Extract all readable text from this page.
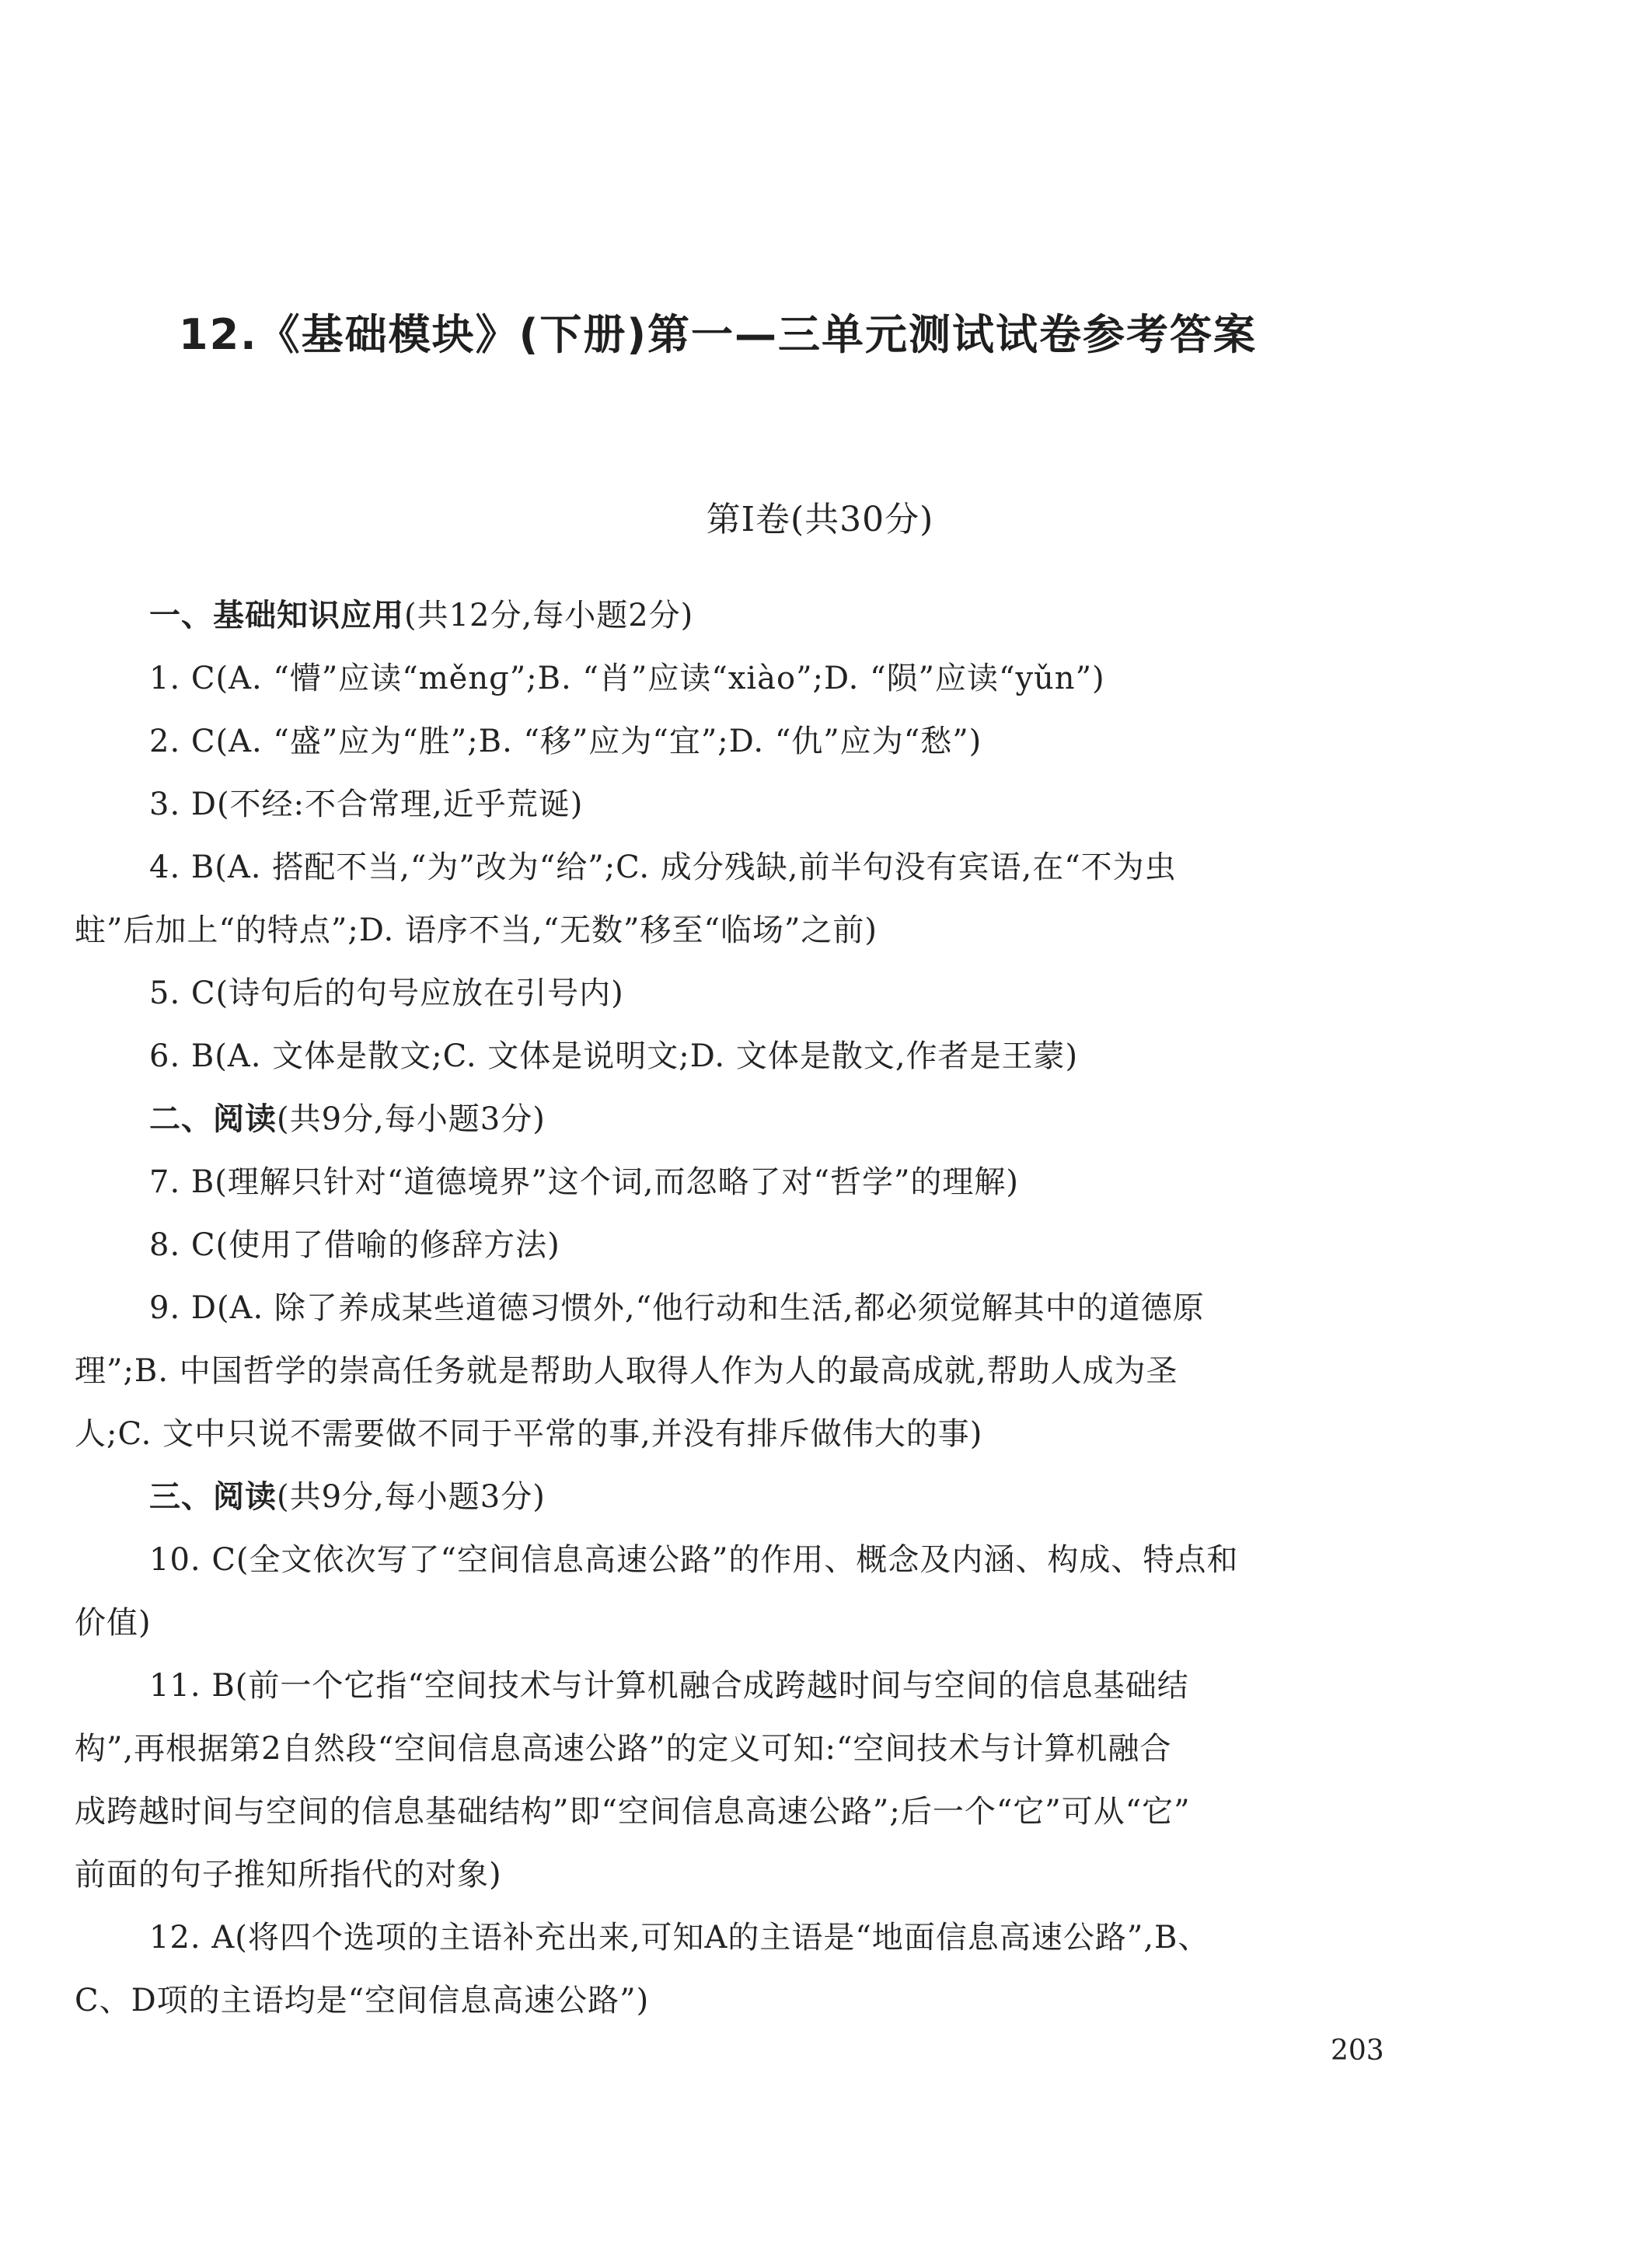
12.《基础模块》(下册)第一—三单元测试试卷参考答案
第Ⅰ卷(共30分)
一、基础知识应用(共12分,每小题2分)
1. C(A. “懵”应读“měnɡ”;B. “肖”应读“xiào”;D. “陨”应读“yǔn”)
2. C(A. “盛”应为“胜”;B. “移”应为“宜”;D. “仇”应为“愁”)
3. D(不经:不合常理,近乎荒诞)
4. B(A. 搭配不当,“为”改为“给”;C. 成分残缺,前半句没有宾语,在“不为虫
蛀”后加上“的特点”;D. 语序不当,“无数”移至“临场”之前)
5. C(诗句后的句号应放在引号内)
6. B(A. 文体是散文;C. 文体是说明文;D. 文体是散文,作者是王蒙)
二、阅读(共9分,每小题3分)
7. B(理解只针对“道德境界”这个词,而忽略了对“哲学”的理解)
8. C(使用了借喻的修辞方法)
9. D(A. 除了养成某些道德习惯外,“他行动和生活,都必须觉解其中的道德原
理”;B. 中国哲学的崇高任务就是帮助人取得人作为人的最高成就,帮助人成为圣
人;C. 文中只说不需要做不同于平常的事,并没有排斥做伟大的事)
三、阅读(共9分,每小题3分)
10. C(全文依次写了“空间信息高速公路”的作用、概念及内涵、构成、特点和
价值)
11. B(前一个它指“空间技术与计算机融合成跨越时间与空间的信息基础结
构”,再根据第2自然段“空间信息高速公路”的定义可知:“空间技术与计算机融合
成跨越时间与空间的信息基础结构”即“空间信息高速公路”;后一个“它”可从“它”
前面的句子推知所指代的对象)
12. A(将四个选项的主语补充出来,可知A的主语是“地面信息高速公路”,B、
C、D项的主语均是“空间信息高速公路”)
203
